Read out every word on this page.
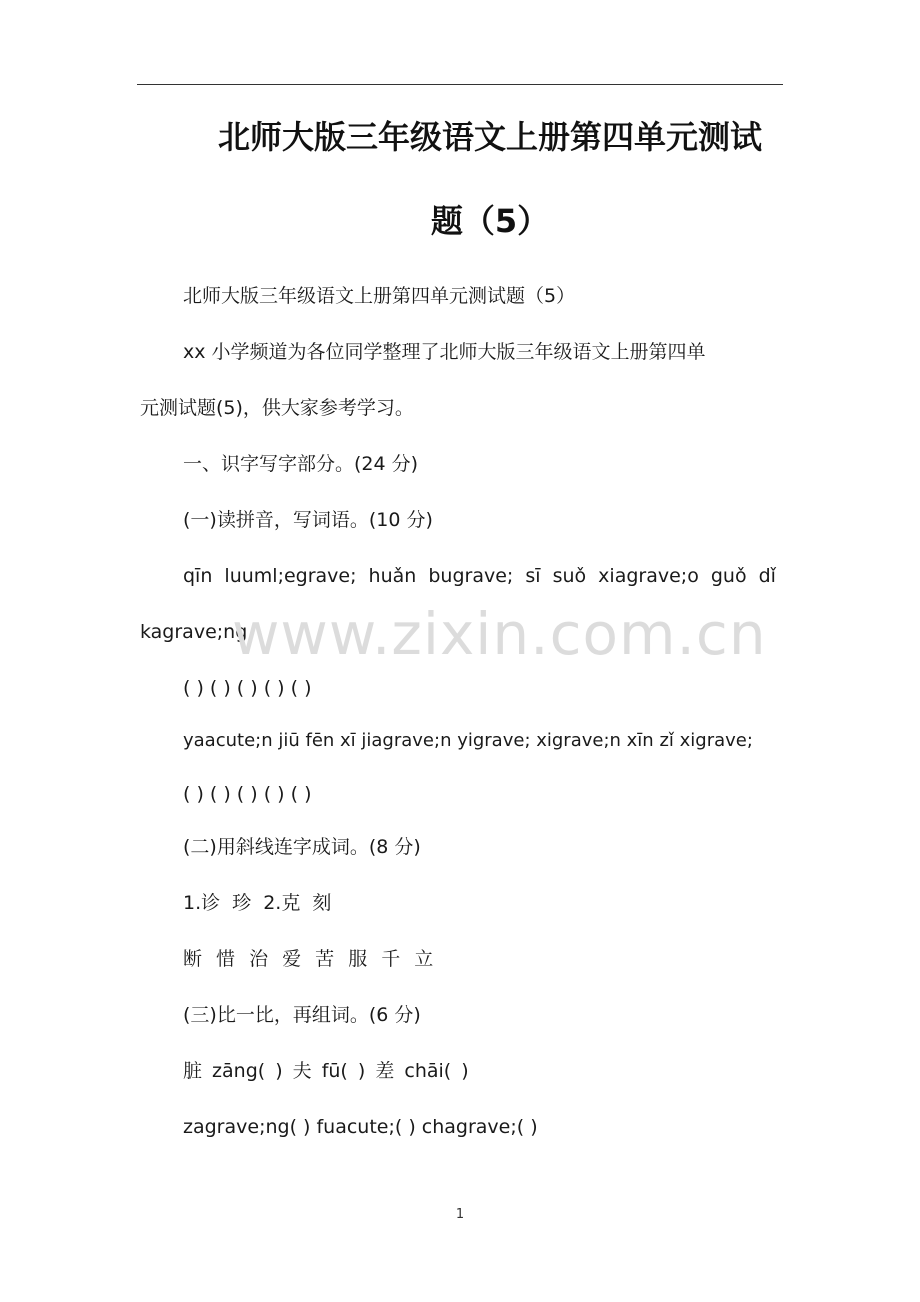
北师大版三年级语文上册第四单元测试
题（5）
北师大版三年级语文上册第四单元测试题（5）
xx 小学频道为各位同学整理了北师大版三年级语文上册第四单
元测试题(5)，供大家参考学习。
一、识字写字部分。(24 分)
(一)读拼音，写词语。(10 分)
qīn luuml;egrave; huǎn bugrave; sī suǒ xiagrave;o guǒ dǐ
kagrave;ng
( ) ( ) ( ) ( ) ( )
yaacute;n jiū fēn xī jiagrave;n yigrave; xigrave;n xīn zǐ xigrave;
( ) ( ) ( ) ( ) ( )
(二)用斜线连字成词。(8 分)
1.诊 珍 2.克 刻
断 惜 治 爱 苦 服 千 立
(三)比一比，再组词。(6 分)
脏 zāng( ) 夫 fū( ) 差 chāi( )
zagrave;ng( ) fuacute;( ) chagrave;( )
www.zixin.com.cn
1
